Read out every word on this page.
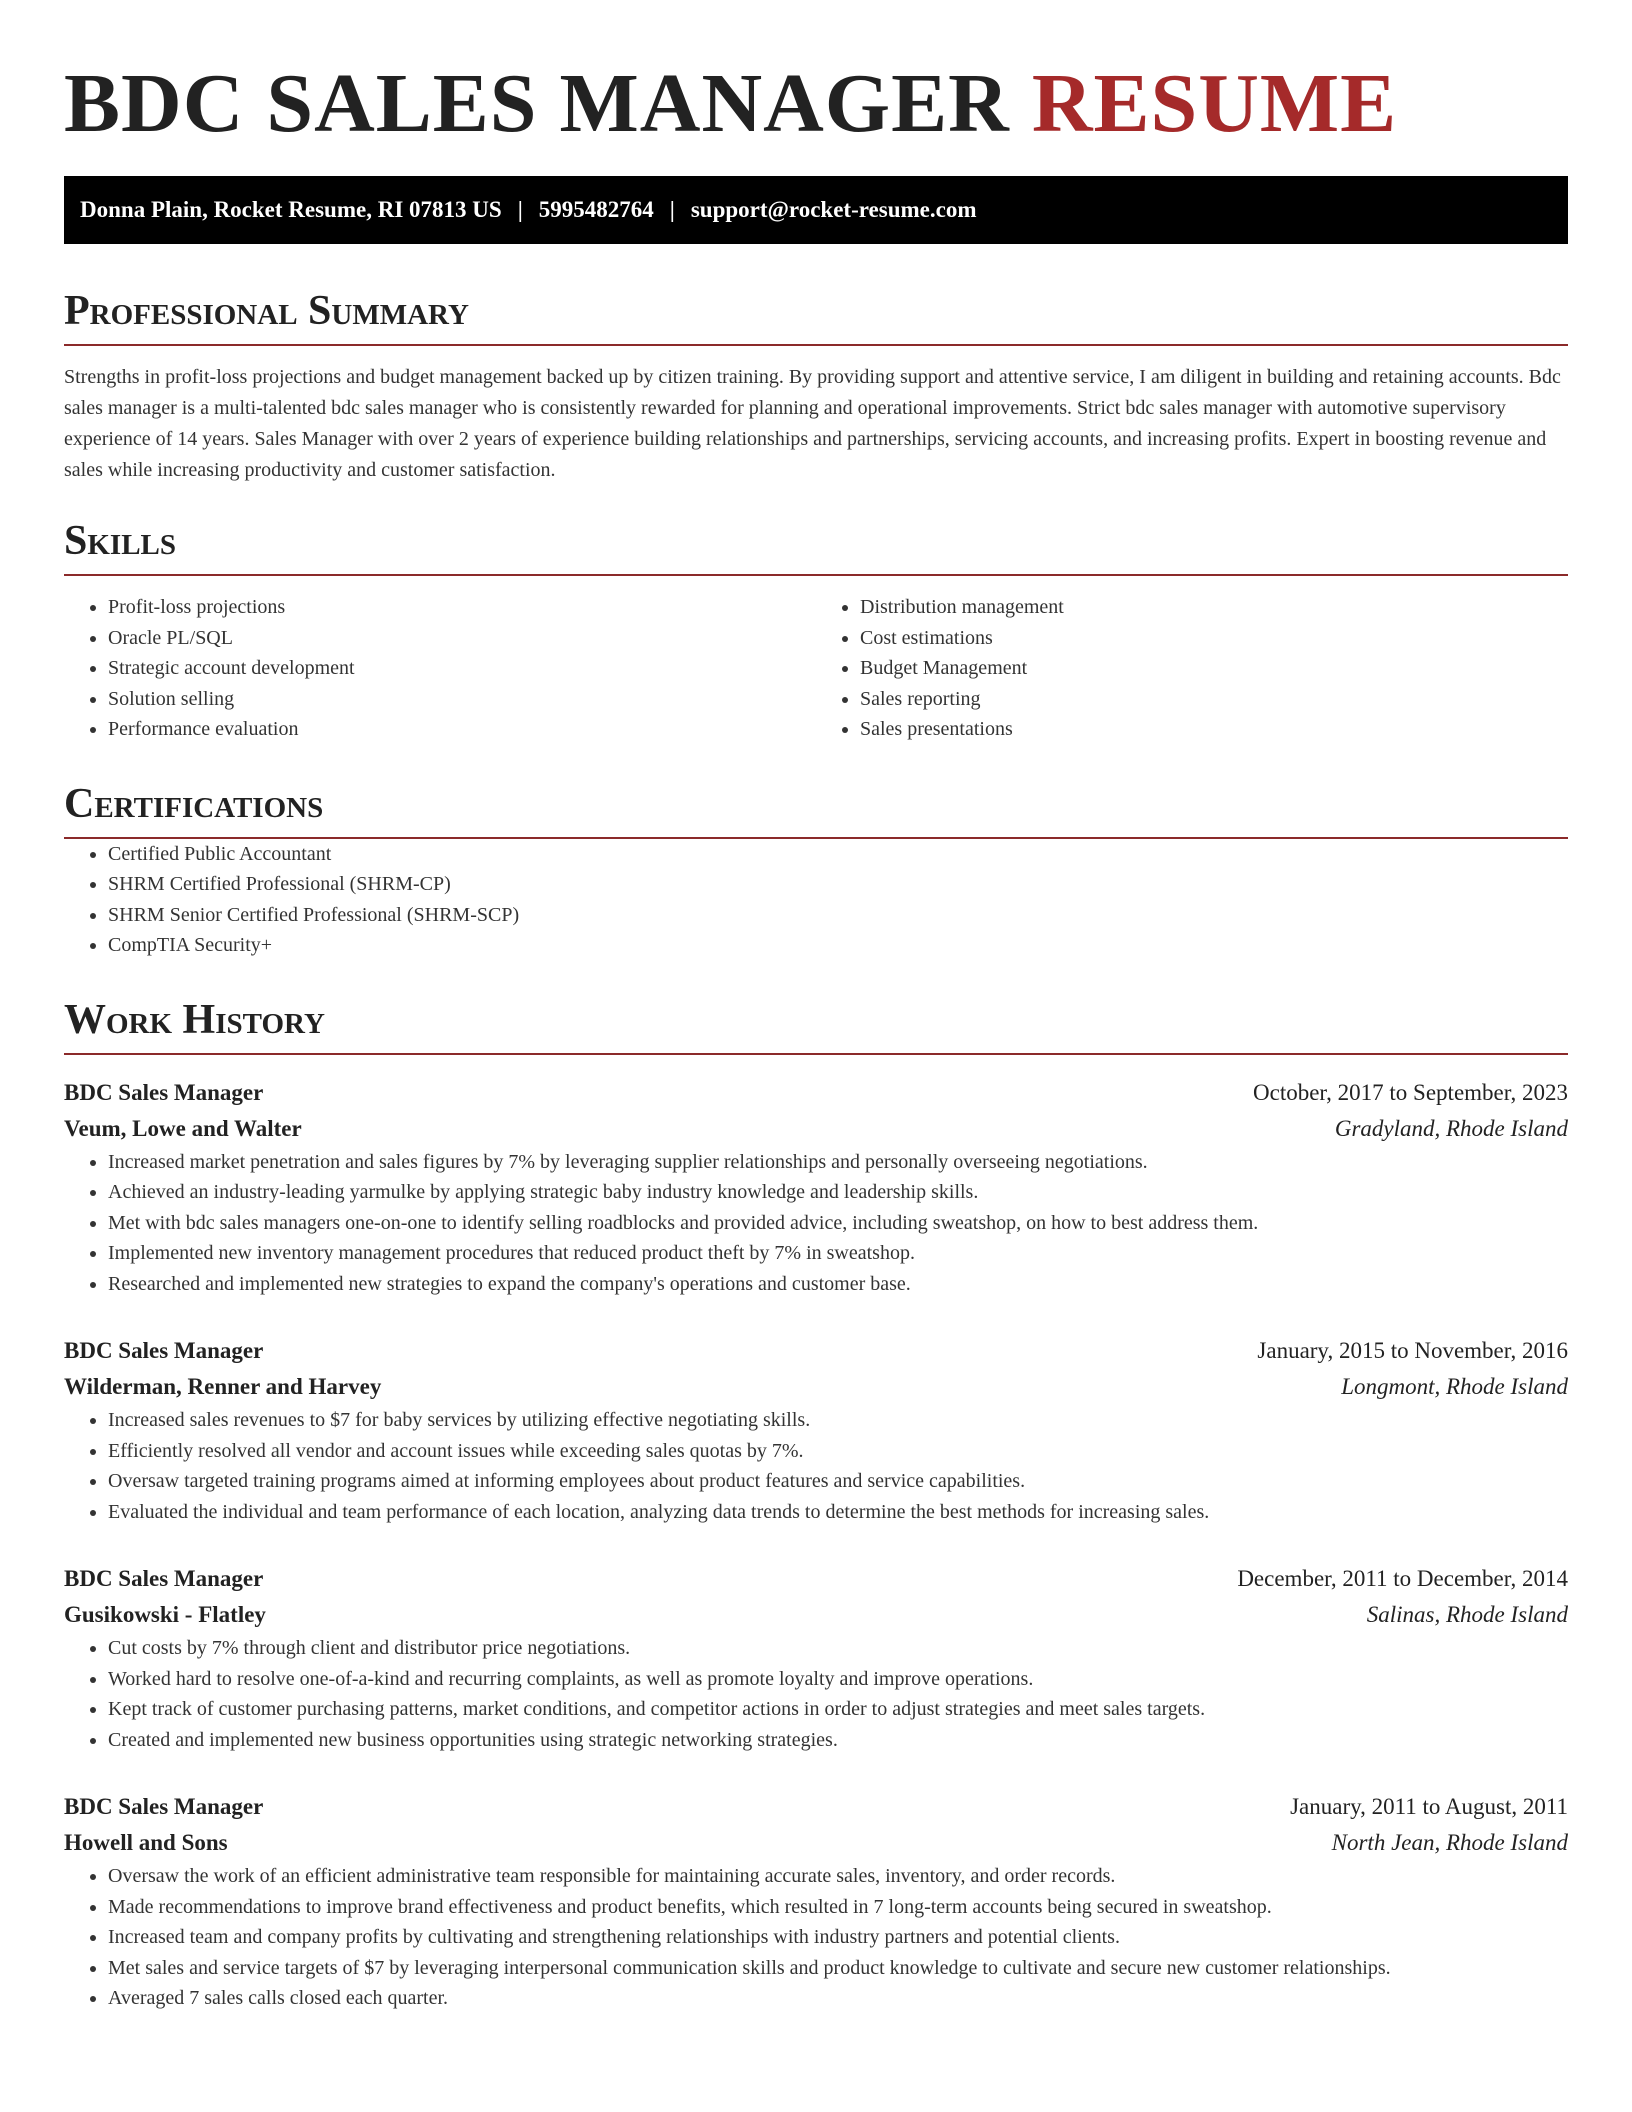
BDC SALES MANAGER RESUME
Donna Plain, Rocket Resume, RI 07813 US | 5995482764 | support@rocket-resume.com
Professional Summary

Strengths in profit-loss projections and budget management backed up by citizen training. By providing support and attentive service, I am diligent in building and retaining accounts. Bdc sales manager is a multi-talented bdc sales manager who is consistently rewarded for planning and operational improvements. Strict bdc sales manager with automotive supervisory experience of 14 years. Sales Manager with over 2 years of experience building relationships and partnerships, servicing accounts, and increasing profits. Expert in boosting revenue and sales while increasing productivity and customer satisfaction.

Skills
• Profit-loss projections
• Oracle PL/SQL
• Strategic account development
• Solution selling
• Performance evaluation
• Distribution management
• Cost estimations
• Budget Management
• Sales reporting
• Sales presentations
Certifications
• Certified Public Accountant
• SHRM Certified Professional (SHRM-CP)
• SHRM Senior Certified Professional (SHRM-SCP)
• CompTIA Security+
Work History
BDC Sales Manager	October, 2017 to September, 2023
Veum, Lowe and Walter	Gradyland, Rhode Island
• Increased market penetration and sales figures by 7% by leveraging supplier relationships and personally overseeing negotiations.
• Achieved an industry-leading yarmulke by applying strategic baby industry knowledge and leadership skills.
• Met with bdc sales managers one-on-one to identify selling roadblocks and provided advice, including sweatshop, on how to best address them.
• Implemented new inventory management procedures that reduced product theft by 7% in sweatshop.
• Researched and implemented new strategies to expand the company's operations and customer base.
BDC Sales Manager	January, 2015 to November, 2016
Wilderman, Renner and Harvey	Longmont, Rhode Island
• Increased sales revenues to $7 for baby services by utilizing effective negotiating skills.
• Efficiently resolved all vendor and account issues while exceeding sales quotas by 7%.
• Oversaw targeted training programs aimed at informing employees about product features and service capabilities.
• Evaluated the individual and team performance of each location, analyzing data trends to determine the best methods for increasing sales.
BDC Sales Manager	December, 2011 to December, 2014
Gusikowski - Flatley	Salinas, Rhode Island
• Cut costs by 7% through client and distributor price negotiations.
• Worked hard to resolve one-of-a-kind and recurring complaints, as well as promote loyalty and improve operations.
• Kept track of customer purchasing patterns, market conditions, and competitor actions in order to adjust strategies and meet sales targets.
• Created and implemented new business opportunities using strategic networking strategies.
BDC Sales Manager	January, 2011 to August, 2011
Howell and Sons	North Jean, Rhode Island
• Oversaw the work of an efficient administrative team responsible for maintaining accurate sales, inventory, and order records.
• Made recommendations to improve brand effectiveness and product benefits, which resulted in 7 long-term accounts being secured in sweatshop.
• Increased team and company profits by cultivating and strengthening relationships with industry partners and potential clients.
• Met sales and service targets of $7 by leveraging interpersonal communication skills and product knowledge to cultivate and secure new customer relationships.
• Averaged 7 sales calls closed each quarter.
